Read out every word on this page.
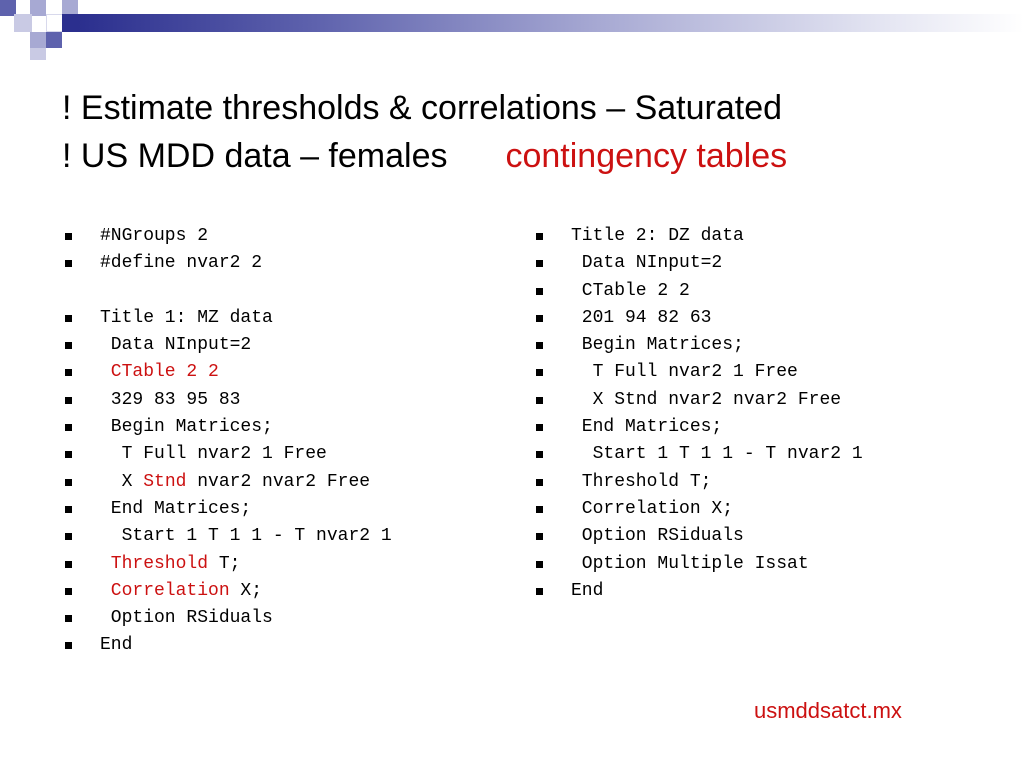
! Estimate thresholds & correlations – Saturated
! US MDD data – females contingency tables
#NGroups 2
#define nvar2 2
Title 1: MZ data
Data NInput=2
CTable 2 2
329 83 95 83
Begin Matrices;
T Full nvar2 1 Free
X Stnd nvar2 nvar2 Free
End Matrices;
Start 1 T 1 1 - T nvar2 1
Threshold T;
Correlation X;
Option RSiduals
End
Title 2: DZ data
Data NInput=2
CTable 2 2
201 94 82 63
Begin Matrices;
T Full nvar2 1 Free
X Stnd nvar2 nvar2 Free
End Matrices;
Start 1 T 1 1 - T nvar2 1
Threshold T;
Correlation X;
Option RSiduals
Option Multiple Issat
End
usmddsatct.mx
